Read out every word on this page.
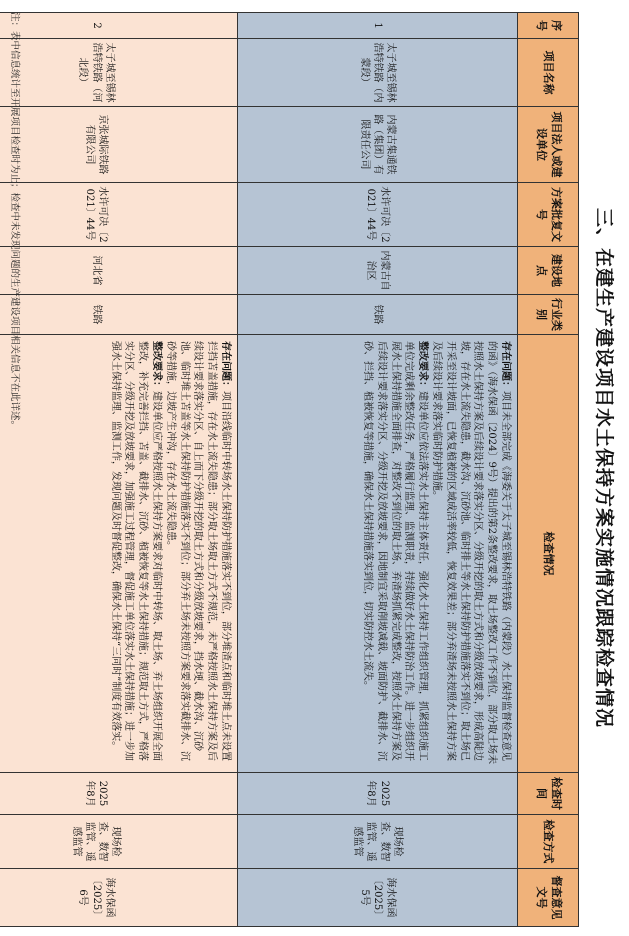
三、在建生产建设项目水土保持方案实施情况跟踪检查情况
序号	项目名称	项目法人或建设单位	方案批复文号	建设地点	行业类别	检查情况	检查时间	检查方式	督查意见文号
1	太子城至锡林浩特铁路（内蒙段）	内蒙古集通铁路（集团）有限责任公司	水许可决〔2021〕44号	内蒙古自治区	铁路	存在问题：项目未全部完成《海委关于太子城至锡林浩特铁路（内蒙段）水土保持监督检查意见的函》（海水保函〔2024〕9号）提出的第2条整改要求，取土场整改工作不到位，部分取土场未按照水土保持方案及后续设计要求落实分区、分级开挖的取土方式和分级放坡要求，形成高陡边坡，存在水土流失隐患，截水沟、沉砂池、临时排土等水土保持防护措施落实不到位；取土场已开采至设计坡面，已恢复植被的区域成活率较低，恢复效果差；部分弃渣场未按照水土保持方案及后续设计要求落实临时防护措施。
整改要求：建设单位应依法落实水土保持主体责任，强化水土保持工作组织管理，抓紧组织施工单位完成剩余整改任务，严格履行监理、监测职责，持续做好水土保持防治工作。进一步组织开展水土保持措施全面排查，对整改不到位的取土场、弃渣场抓紧完成整改，按照水土保持方案及后续设计要求落实分区、分级开挖及放坡要求，因地制宜采取削坡减载、坡面防护、截排水、沉砂、拦挡、植被恢复等措施，确保水土保持措施落实到位，切实防控水土流失。	2025年8月	现场检查、数智监管、遥感监管	海水保函〔2025〕5号
2	太子城至锡林浩特铁路（河北段）	京张城际铁路有限公司	水许可决〔2021〕44号	河北省	铁路	存在问题：项目沿线临时中转场水土保持防护措施落实不到位，部分堆渣点和临时堆土点未设置拦挡苫盖措施，存在水土流失隐患；部分取土场取土方式不规范，未严格按照水土保持方案及后续设计要求落实分区、自上而下分级开挖的取土方式和分级放坡要求，挡水埂、截水沟、沉砂池、临时堆土苫盖等水土保持防护措施落实不到位；部分弃土场未按照方案要求落实截排水、沉砂等措施，边坡产生冲沟，存在水土流失隐患。
整改要求：建设单位应严格按照水土保持方案要求对临时中转场、取土场、弃土场组织开展全面整改，补充完善拦挡、苫盖、截排水、沉砂、植被恢复等水土保持措施；规范取土方式，严格落实分区、分级开挖及放坡要求，加强施工过程管理，督促施工单位落实水土保持措施；进一步加强水土保持监理、监测工作，发现问题及时督促整改，确保水土保持“三同时”制度有效落实。	2025年8月	现场检查、数智监管、遥感监管	海水保函〔2025〕6号
注：表中信息统计至开展项目检查时为止；检查中未发现问题的生产建设项目相关信息不在此详述。
